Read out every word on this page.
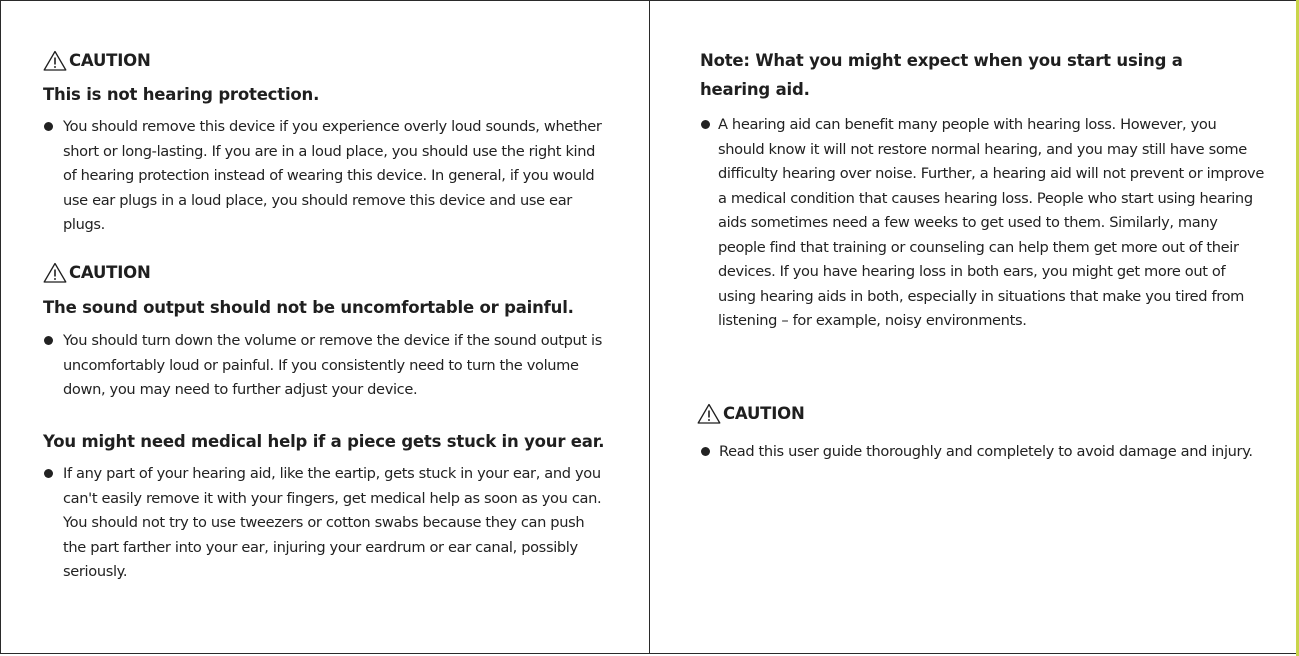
CAUTION
This is not hearing protection.
You should remove this device if you experience overly loud sounds, whether short or long-lasting. If you are in a loud place, you should use the right kind of hearing protection instead of wearing this device. In general, if you would use ear plugs in a loud place, you should remove this device and use ear plugs.
CAUTION
The sound output should not be uncomfortable or painful.
You should turn down the volume or remove the device if the sound output is uncomfortably loud or painful. If you consistently need to turn the volume down, you may need to further adjust your device.
You might need medical help if a piece gets stuck in your ear.
If any part of your hearing aid, like the eartip, gets stuck in your ear, and you can't easily remove it with your fingers, get medical help as soon as you can. You should not try to use tweezers or cotton swabs because they can push the part farther into your ear, injuring your eardrum or ear canal, possibly seriously.
Note: What you might expect when you start using a hearing aid.
A hearing aid can benefit many people with hearing loss. However, you should know it will not restore normal hearing, and you may still have some difficulty hearing over noise. Further, a hearing aid will not prevent or improve a medical condition that causes hearing loss. People who start using hearing aids sometimes need a few weeks to get used to them. Similarly, many people find that training or counseling can help them get more out of their devices. If you have hearing loss in both ears, you might get more out of using hearing aids in both, especially in situations that make you tired from listening – for example, noisy environments.
CAUTION
Read this user guide thoroughly and completely to avoid damage and injury.
